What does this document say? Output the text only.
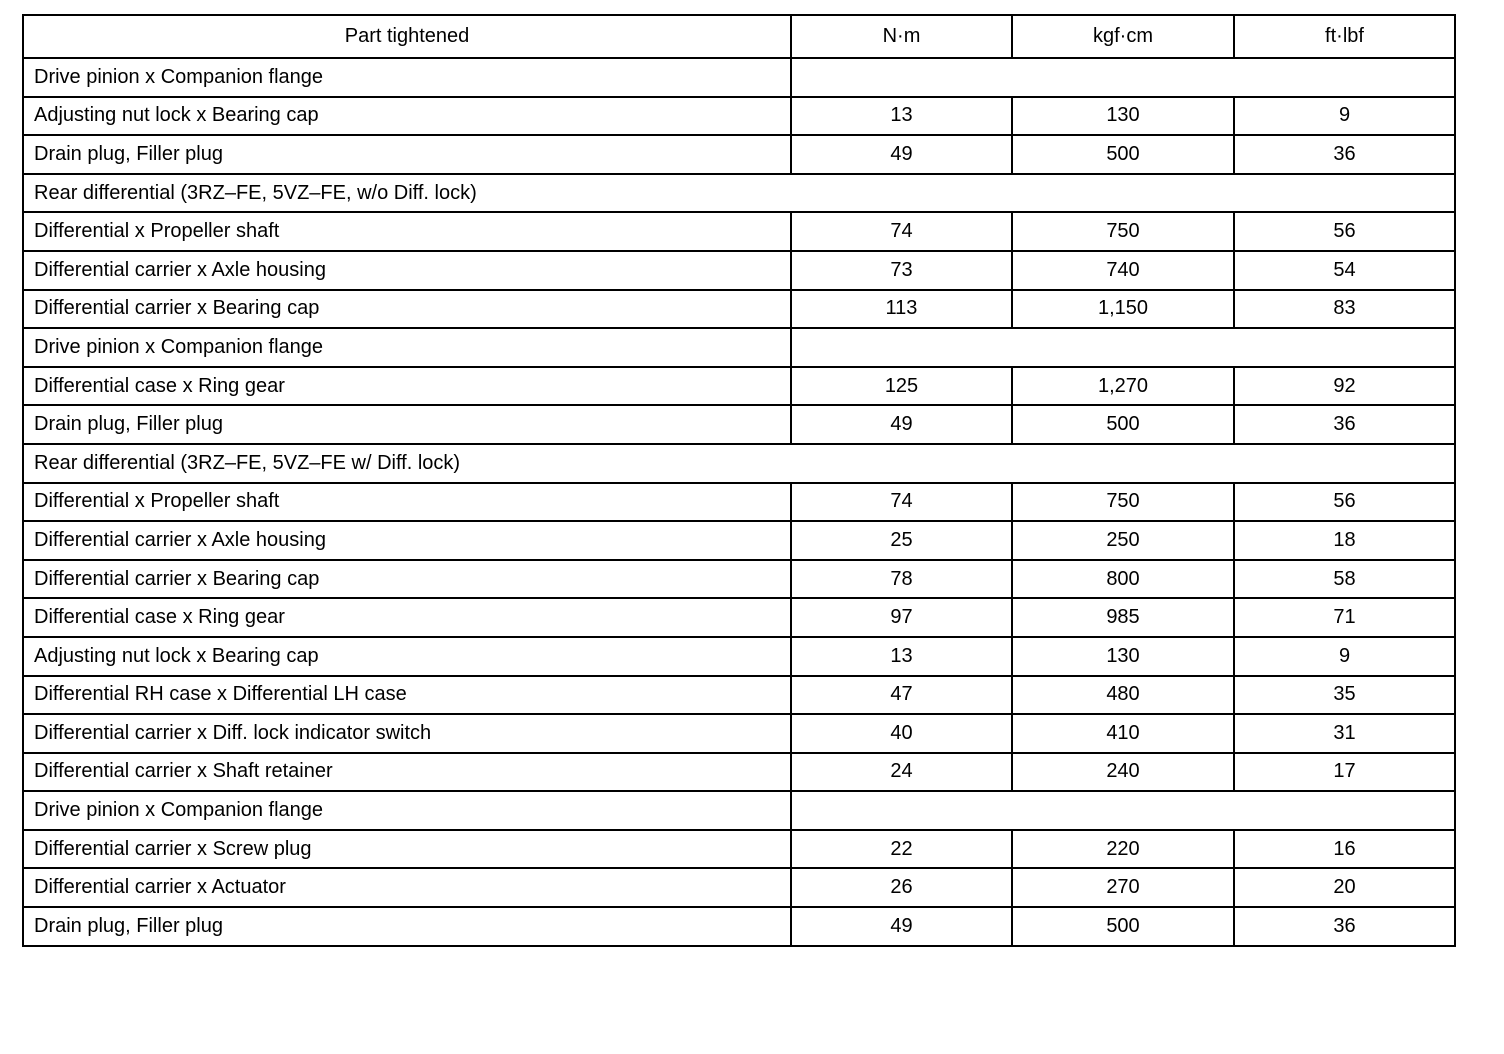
Part tightened	N·m	kgf·cm	ft·lbf
Drive pinion x Companion flange			
Adjusting nut lock x Bearing cap	13	130	9
Drain plug, Filler plug	49	500	36
Rear differential (3RZ–FE, 5VZ–FE, w/o Diff. lock)			
Differential x Propeller shaft	74	750	56
Differential carrier x Axle housing	73	740	54
Differential carrier x Bearing cap	113	1,150	83
Drive pinion x Companion flange			
Differential case x Ring gear	125	1,270	92
Drain plug, Filler plug	49	500	36
Rear differential (3RZ–FE, 5VZ–FE w/ Diff. lock)			
Differential x Propeller shaft	74	750	56
Differential carrier x Axle housing	25	250	18
Differential carrier x Bearing cap	78	800	58
Differential case x Ring gear	97	985	71
Adjusting nut lock x Bearing cap	13	130	9
Differential RH case x Differential LH case	47	480	35
Differential carrier x Diff. lock indicator switch	40	410	31
Differential carrier x Shaft retainer	24	240	17
Drive pinion x Companion flange			
Differential carrier x Screw plug	22	220	16
Differential carrier x Actuator	26	270	20
Drain plug, Filler plug	49	500	36
